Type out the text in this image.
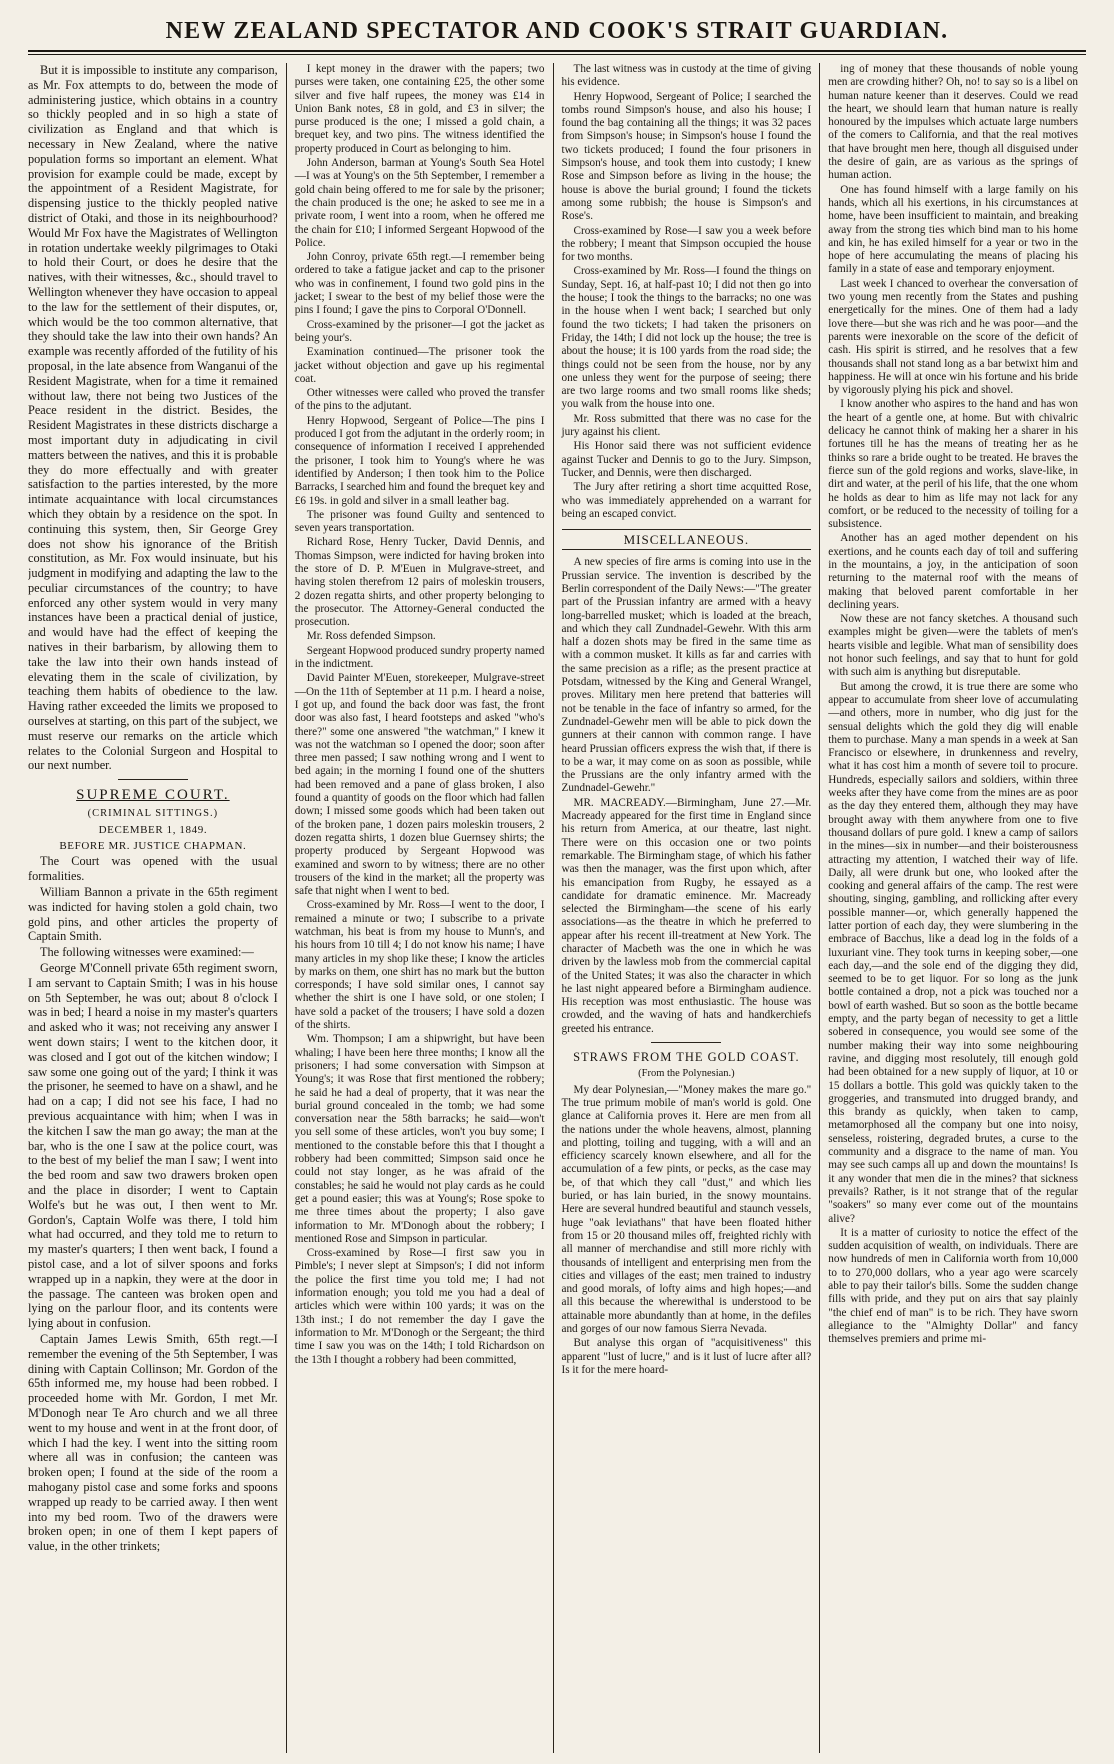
NEW ZEALAND SPECTATOR AND COOK'S STRAIT GUARDIAN.

But it is impossible to institute any comparison, as Mr. Fox attempts to do, between the mode of administering justice, which obtains in a country so thickly peopled and in so high a state of civilization as England and that which is necessary in New Zealand, where the native population forms so important an element. What provision for example could be made, except by the appointment of a Resident Magistrate, for dispensing justice to the thickly peopled native district of Otaki, and those in its neighbourhood? Would Mr Fox have the Magistrates of Wellington in rotation undertake weekly pilgrimages to Otaki to hold their Court, or does he desire that the natives, with their witnesses, &c., should travel to Wellington whenever they have occasion to appeal to the law for the settlement of their disputes, or, which would be the too common alternative, that they should take the law into their own hands? An example was recently afforded of the futility of his proposal, in the late absence from Wanganui of the Resident Magistrate, when for a time it remained without law, there not being two Justices of the Peace resident in the district. Besides, the Resident Magistrates in these districts discharge a most important duty in adjudicating in civil matters between the natives, and this it is probable they do more effectually and with greater satisfaction to the parties interested, by the more intimate acquaintance with local circumstances which they obtain by a residence on the spot. In continuing this system, then, Sir George Grey does not show his ignorance of the British constitution, as Mr. Fox would insinuate, but his judgment in modifying and adapting the law to the peculiar circumstances of the country; to have enforced any other system would in very many instances have been a practical denial of justice, and would have had the effect of keeping the natives in their barbarism, by allowing them to take the law into their own hands instead of elevating them in the scale of civilization, by teaching them habits of obedience to the law. Having rather exceeded the limits we proposed to ourselves at starting, on this part of the subject, we must reserve our remarks on the article which relates to the Colonial Surgeon and Hospital to our next number.

SUPREME COURT.
(CRIMINAL SITTINGS.)
DECEMBER 1, 1849.
BEFORE MR. JUSTICE CHAPMAN.

The Court was opened with the usual formalities.

William Bannon a private in the 65th regiment was indicted for having stolen a gold chain, two gold pins, and other articles the property of Captain Smith.

The following witnesses were examined:—

George M'Connell private 65th regiment sworn, I am servant to Captain Smith; I was in his house on 5th September, he was out; about 8 o'clock I was in bed; I heard a noise in my master's quarters and asked who it was; not receiving any answer I went down stairs; I went to the kitchen door, it was closed and I got out of the kitchen window; I saw some one going out of the yard; I think it was the prisoner, he seemed to have on a shawl, and he had on a cap; I did not see his face, I had no previous acquaintance with him; when I was in the kitchen I saw the man go away; the man at the bar, who is the one I saw at the police court, was to the best of my belief the man I saw; I went into the bed room and saw two drawers broken open and the place in disorder; I went to Captain Wolfe's but he was out, I then went to Mr. Gordon's, Captain Wolfe was there, I told him what had occurred, and they told me to return to my master's quarters; I then went back, I found a pistol case, and a lot of silver spoons and forks wrapped up in a napkin, they were at the door in the passage. The canteen was broken open and lying on the parlour floor, and its contents were lying about in confusion.

Captain James Lewis Smith, 65th regt.—I remember the evening of the 5th September, I was dining with Captain Collinson; Mr. Gordon of the 65th informed me, my house had been robbed. I proceeded home with Mr. Gordon, I met Mr. M'Donogh near Te Aro church and we all three went to my house and went in at the front door, of which I had the key. I went into the sitting room where all was in confusion; the canteen was broken open; I found at the side of the room a mahogany pistol case and some forks and spoons wrapped up ready to be carried away. I then went into my bed room. Two of the drawers were broken open; in one of them I kept papers of value, in the other trinkets;

I kept money in the drawer with the papers; two purses were taken, one containing £25, the other some silver and five half rupees, the money was £14 in Union Bank notes, £8 in gold, and £3 in silver; the purse produced is the one; I missed a gold chain, a brequet key, and two pins. The witness identified the property produced in Court as belonging to him.

John Anderson, barman at Young's South Sea Hotel—I was at Young's on the 5th September, I remember a gold chain being offered to me for sale by the prisoner; the chain produced is the one; he asked to see me in a private room, I went into a room, when he offered me the chain for £10; I informed Sergeant Hopwood of the Police.

John Conroy, private 65th regt.—I remember being ordered to take a fatigue jacket and cap to the prisoner who was in confinement, I found two gold pins in the jacket; I swear to the best of my belief those were the pins I found; I gave the pins to Corporal O'Donnell.

Cross-examined by the prisoner—I got the jacket as being your's.

Examination continued—The prisoner took the jacket without objection and gave up his regimental coat.

Other witnesses were called who proved the transfer of the pins to the adjutant.

Henry Hopwood, Sergeant of Police—The pins I produced I got from the adjutant in the orderly room; in consequence of information I received I apprehended the prisoner, I took him to Young's where he was identified by Anderson; I then took him to the Police Barracks, I searched him and found the brequet key and £6 19s. in gold and silver in a small leather bag.

The prisoner was found Guilty and sentenced to seven years transportation.

Richard Rose, Henry Tucker, David Dennis, and Thomas Simpson, were indicted for having broken into the store of D. P. M'Euen in Mulgrave-street, and having stolen therefrom 12 pairs of moleskin trousers, 2 dozen regatta shirts, and other property belonging to the prosecutor. The Attorney-General conducted the prosecution.

Mr. Ross defended Simpson.

Sergeant Hopwood produced sundry property named in the indictment.

David Painter M'Euen, storekeeper, Mulgrave-street—On the 11th of September at 11 p.m. I heard a noise, I got up, and found the back door was fast, the front door was also fast, I heard footsteps and asked "who's there?" some one answered "the watchman," I knew it was not the watchman so I opened the door; soon after three men passed; I saw nothing wrong and I went to bed again; in the morning I found one of the shutters had been removed and a pane of glass broken, I also found a quantity of goods on the floor which had fallen down; I missed some goods which had been taken out of the broken pane, 1 dozen pairs moleskin trousers, 2 dozen regatta shirts, 1 dozen blue Guernsey shirts; the property produced by Sergeant Hopwood was examined and sworn to by witness; there are no other trousers of the kind in the market; all the property was safe that night when I went to bed.

Cross-examined by Mr. Ross—I went to the door, I remained a minute or two; I subscribe to a private watchman, his beat is from my house to Munn's, and his hours from 10 till 4; I do not know his name; I have many articles in my shop like these; I know the articles by marks on them, one shirt has no mark but the button corresponds; I have sold similar ones, I cannot say whether the shirt is one I have sold, or one stolen; I have sold a packet of the trousers; I have sold a dozen of the shirts.

Wm. Thompson; I am a shipwright, but have been whaling; I have been here three months; I know all the prisoners; I had some conversation with Simpson at Young's; it was Rose that first mentioned the robbery; he said he had a deal of property, that it was near the burial ground concealed in the tomb; we had some conversation near the 58th barracks; he said—won't you sell some of these articles, won't you buy some; I mentioned to the constable before this that I thought a robbery had been committed; Simpson said once he could not stay longer, as he was afraid of the constables; he said he would not play cards as he could get a pound easier; this was at Young's; Rose spoke to me three times about the property; I also gave information to Mr. M'Donogh about the robbery; I mentioned Rose and Simpson in particular.

Cross-examined by Rose—I first saw you in Pimble's; I never slept at Simpson's; I did not inform the police the first time you told me; I had not information enough; you told me you had a deal of articles which were within 100 yards; it was on the 13th inst.; I do not remember the day I gave the information to Mr. M'Donogh or the Sergeant; the third time I saw you was on the 14th; I told Richardson on the 13th I thought a robbery had been committed,

The last witness was in custody at the time of giving his evidence.

Henry Hopwood, Sergeant of Police; I searched the tombs round Simpson's house, and also his house; I found the bag containing all the things; it was 32 paces from Simpson's house; in Simpson's house I found the two tickets produced; I found the four prisoners in Simpson's house, and took them into custody; I knew Rose and Simpson before as living in the house; the house is above the burial ground; I found the tickets among some rubbish; the house is Simpson's and Rose's.

Cross-examined by Rose—I saw you a week before the robbery; I meant that Simpson occupied the house for two months.

Cross-examined by Mr. Ross—I found the things on Sunday, Sept. 16, at half-past 10; I did not then go into the house; I took the things to the barracks; no one was in the house when I went back; I searched but only found the two tickets; I had taken the prisoners on Friday, the 14th; I did not lock up the house; the tree is about the house; it is 100 yards from the road side; the things could not be seen from the house, nor by any one unless they went for the purpose of seeing; there are two large rooms and two small rooms like sheds; you walk from the house into one.

Mr. Ross submitted that there was no case for the jury against his client.

His Honor said there was not sufficient evidence against Tucker and Dennis to go to the Jury. Simpson, Tucker, and Dennis, were then discharged.

The Jury after retiring a short time acquitted Rose, who was immediately apprehended on a warrant for being an escaped convict.

MISCELLANEOUS.

A new species of fire arms is coming into use in the Prussian service. The invention is described by the Berlin correspondent of the Daily News:—"The greater part of the Prussian infantry are armed with a heavy long-barrelled musket; which is loaded at the breach, and which they call Zundnadel-Gewehr. With this arm half a dozen shots may be fired in the same time as with a common musket. It kills as far and carries with the same precision as a rifle; as the present practice at Potsdam, witnessed by the King and General Wrangel, proves. Military men here pretend that batteries will not be tenable in the face of infantry so armed, for the Zundnadel-Gewehr men will be able to pick down the gunners at their cannon with common range. I have heard Prussian officers express the wish that, if there is to be a war, it may come on as soon as possible, while the Prussians are the only infantry armed with the Zundnadel-Gewehr."

MR. MACREADY.—Birmingham, June 27.—Mr. Macready appeared for the first time in England since his return from America, at our theatre, last night. There were on this occasion one or two points remarkable. The Birmingham stage, of which his father was then the manager, was the first upon which, after his emancipation from Rugby, he essayed as a candidate for dramatic eminence. Mr. Macready selected the Birmingham—the scene of his early associations—as the theatre in which he preferred to appear after his recent ill-treatment at New York. The character of Macbeth was the one in which he was driven by the lawless mob from the commercial capital of the United States; it was also the character in which he last night appeared before a Birmingham audience. His reception was most enthusiastic. The house was crowded, and the waving of hats and handkerchiefs greeted his entrance.

STRAWS FROM THE GOLD COAST.
(From the Polynesian.)

My dear Polynesian,—"Money makes the mare go." The true primum mobile of man's world is gold. One glance at California proves it. Here are men from all the nations under the whole heavens, almost, planning and plotting, toiling and tugging, with a will and an efficiency scarcely known elsewhere, and all for the accumulation of a few pints, or pecks, as the case may be, of that which they call "dust," and which lies buried, or has lain buried, in the snowy mountains. Here are several hundred beautiful and staunch vessels, huge "oak leviathans" that have been floated hither from 15 or 20 thousand miles off, freighted richly with all manner of merchandise and still more richly with thousands of intelligent and enterprising men from the cities and villages of the east; men trained to industry and good morals, of lofty aims and high hopes;—and all this because the wherewithal is understood to be attainable more abundantly than at home, in the defiles and gorges of our now famous Sierra Nevada.

But analyse this organ of "acquisitiveness" this apparent "lust of lucre," and is it lust of lucre after all? Is it for the mere hoard-

ing of money that these thousands of noble young men are crowding hither? Oh, no! to say so is a libel on human nature keener than it deserves. Could we read the heart, we should learn that human nature is really honoured by the impulses which actuate large numbers of the comers to California, and that the real motives that have brought men here, though all disguised under the desire of gain, are as various as the springs of human action.

One has found himself with a large family on his hands, which all his exertions, in his circumstances at home, have been insufficient to maintain, and breaking away from the strong ties which bind man to his home and kin, he has exiled himself for a year or two in the hope of here accumulating the means of placing his family in a state of ease and temporary enjoyment.

Last week I chanced to overhear the conversation of two young men recently from the States and pushing energetically for the mines. One of them had a lady love there—but she was rich and he was poor—and the parents were inexorable on the score of the deficit of cash. His spirit is stirred, and he resolves that a few thousands shall not stand long as a bar betwixt him and happiness. He will at once win his fortune and his bride by vigorously plying his pick and shovel.

I know another who aspires to the hand and has won the heart of a gentle one, at home. But with chivalric delicacy he cannot think of making her a sharer in his fortunes till he has the means of treating her as he thinks so rare a bride ought to be treated. He braves the fierce sun of the gold regions and works, slave-like, in dirt and water, at the peril of his life, that the one whom he holds as dear to him as life may not lack for any comfort, or be reduced to the necessity of toiling for a subsistence.

Another has an aged mother dependent on his exertions, and he counts each day of toil and suffering in the mountains, a joy, in the anticipation of soon returning to the maternal roof with the means of making that beloved parent comfortable in her declining years.

Now these are not fancy sketches. A thousand such examples might be given—were the tablets of men's hearts visible and legible. What man of sensibility does not honor such feelings, and say that to hunt for gold with such aim is anything but disreputable.

But among the crowd, it is true there are some who appear to accumulate from sheer love of accumulating—and others, more in number, who dig just for the sensual delights which the gold they dig will enable them to purchase. Many a man spends in a week at San Francisco or elsewhere, in drunkenness and revelry, what it has cost him a month of severe toil to procure. Hundreds, especially sailors and soldiers, within three weeks after they have come from the mines are as poor as the day they entered them, although they may have brought away with them anywhere from one to five thousand dollars of pure gold. I knew a camp of sailors in the mines—six in number—and their boisterousness attracting my attention, I watched their way of life. Daily, all were drunk but one, who looked after the cooking and general affairs of the camp. The rest were shouting, singing, gambling, and rollicking after every possible manner—or, which generally happened the latter portion of each day, they were slumbering in the embrace of Bacchus, like a dead log in the folds of a luxuriant vine. They took turns in keeping sober,—one each day,—and the sole end of the digging they did, seemed to be to get liquor. For so long as the junk bottle contained a drop, not a pick was touched nor a bowl of earth washed. But so soon as the bottle became empty, and the party began of necessity to get a little sobered in consequence, you would see some of the number making their way into some neighbouring ravine, and digging most resolutely, till enough gold had been obtained for a new supply of liquor, at 10 or 15 dollars a bottle. This gold was quickly taken to the groggeries, and transmuted into drugged brandy, and this brandy as quickly, when taken to camp, metamorphosed all the company but one into noisy, senseless, roistering, degraded brutes, a curse to the community and a disgrace to the name of man. You may see such camps all up and down the mountains! Is it any wonder that men die in the mines? that sickness prevails? Rather, is it not strange that of the regular "soakers" so many ever come out of the mountains alive?

It is a matter of curiosity to notice the effect of the sudden acquisition of wealth, on individuals. There are now hundreds of men in California worth from 10,000 to to 270,000 dollars, who a year ago were scarcely able to pay their tailor's bills. Some the sudden change fills with pride, and they put on airs that say plainly "the chief end of man" is to be rich. They have sworn allegiance to the "Almighty Dollar" and fancy themselves premiers and prime mi-
